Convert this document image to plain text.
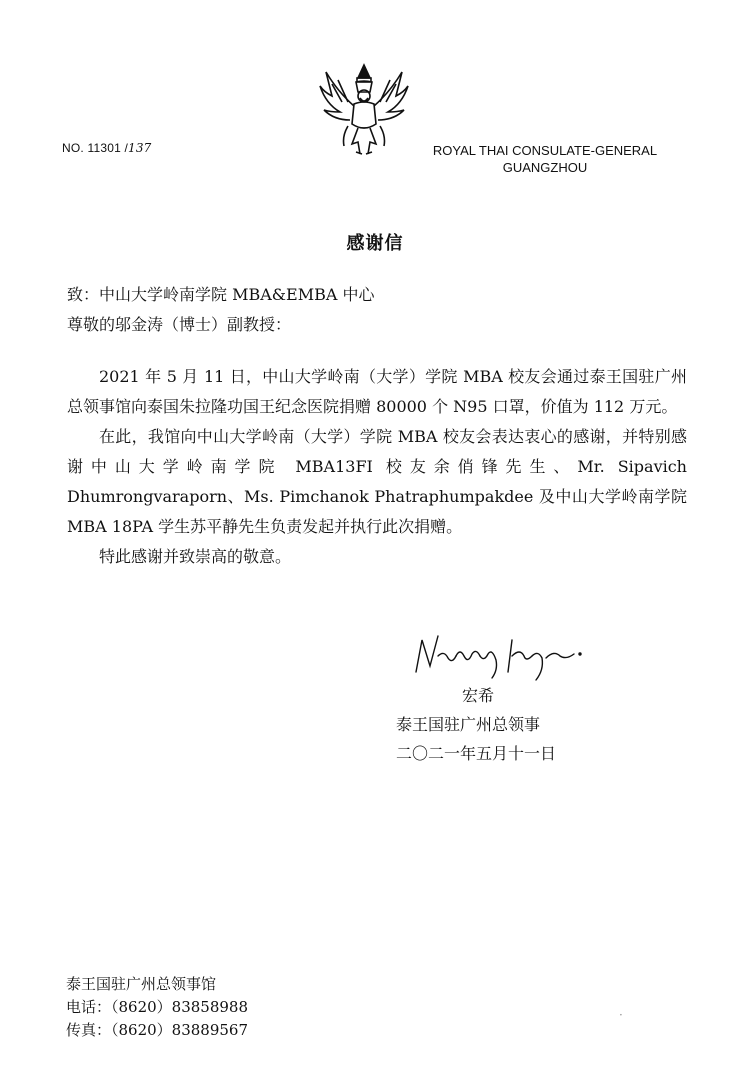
NO. 11301 /137	ROYAL THAI CONSULATE-GENERAL
GUANGZHOU
感谢信

致：中山大学岭南学院 MBA&EMBA 中心

尊敬的邬金涛（博士）副教授：

2021 年 5 月 11 日，中山大学岭南（大学）学院 MBA 校友会通过泰王国驻广州总领事馆向泰国朱拉隆功国王纪念医院捐赠 80000 个 N95 口罩，价值为 112 万元。

在此，我馆向中山大学岭南（大学）学院 MBA 校友会表达衷心的感谢，并特别感谢中山大学岭南学院 MBA13FI 校友余俏锋先生、Mr. Sipavich Dhumrongvaraporn、Ms. Pimchanok Phatraphumpakdee 及中山大学岭南学院 MBA 18PA 学生苏平静先生负责发起并执行此次捐赠。

特此感谢并致崇高的敬意。

宏希
泰王国驻广州总领事
二〇二一年五月十一日

泰王国驻广州总领事馆

电话：（8620）83858988

传真：（8620）83889567

·
